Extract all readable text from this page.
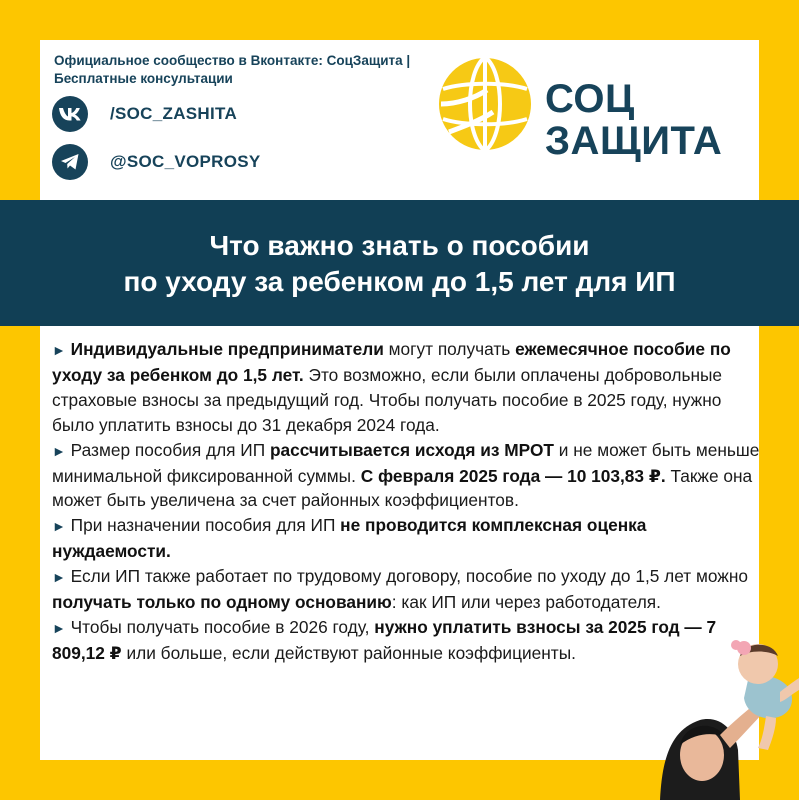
Официальное сообщество в Вконтакте: СоцЗащита | Бесплатные консультации
/SOC_ZASHITA
@SOC_VOPROSY
СОЦ
ЗАЩИТА
Что важно знать о пособии
по уходу за ребенком до 1,5 лет для ИП

► Индивидуальные предприниматели могут получать ежемесячное пособие по уходу за ребенком до 1,5 лет. Это возможно, если были оплачены добровольные страховые взносы за предыдущий год. Чтобы получать пособие в 2025 году, нужно было уплатить взносы до 31 декабря 2024 года.

► Размер пособия для ИП рассчитывается исходя из МРОТ и не может быть меньше минимальной фиксированной суммы. С февраля 2025 года — 10 103,83 ₽. Также она может быть увеличена за счет районных коэффициентов.

► При назначении пособия для ИП не проводится комплексная оценка нуждаемости.

► Если ИП также работает по трудовому договору, пособие по уходу до 1,5 лет можно получать только по одному основанию: как ИП или через работодателя.

► Чтобы получать пособие в 2026 году, нужно уплатить взносы за 2025 год — 7 809,12 ₽ или больше, если действуют районные коэффициенты.
